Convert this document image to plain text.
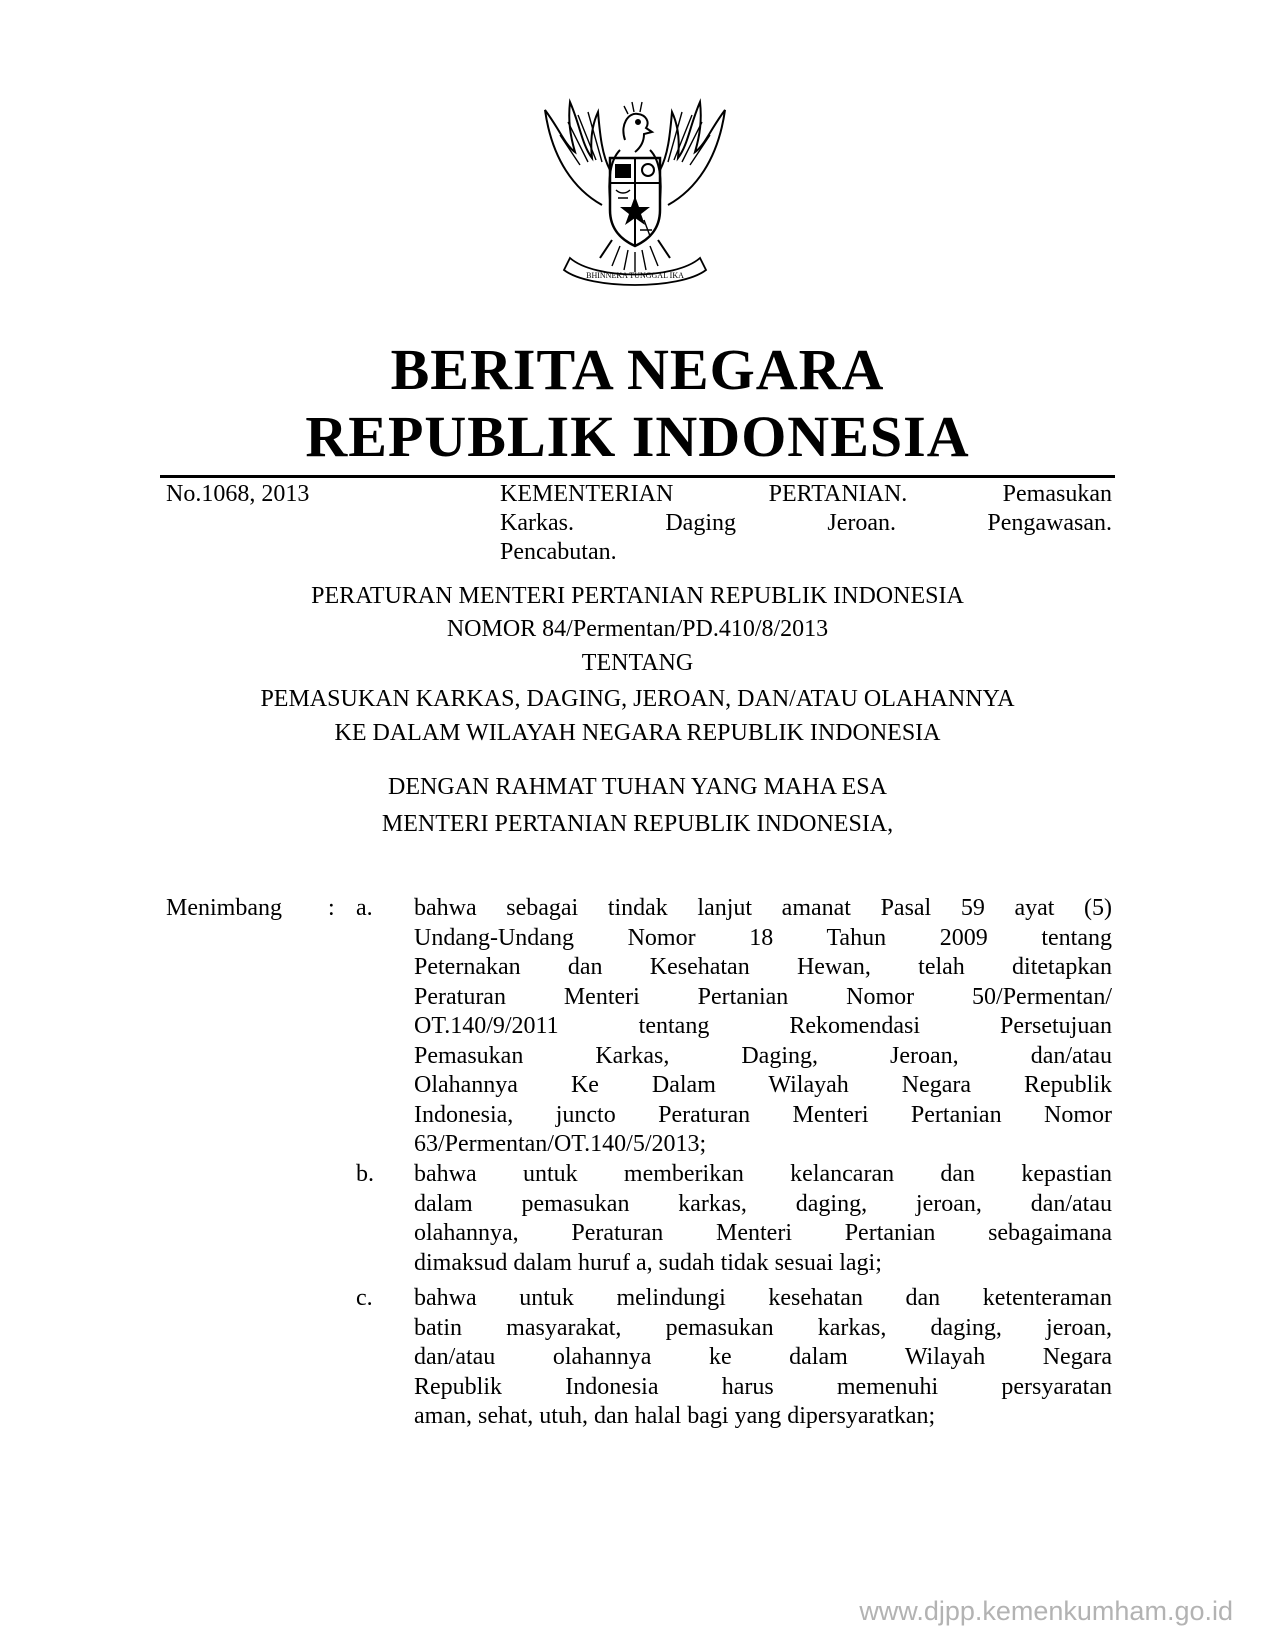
BHINNEKA TUNGGAL IKA
BERITA NEGARA
REPUBLIK INDONESIA
No.1068, 2013	KEMENTERIAN PERTANIAN. Pemasukan
Karkas. Daging Jeroan. Pengawasan.
Pencabutan.
PERATURAN MENTERI PERTANIAN REPUBLIK INDONESIA
NOMOR 84/Permentan/PD.410/8/2013
TENTANG
PEMASUKAN KARKAS, DAGING, JEROAN, DAN/ATAU OLAHANNYA
KE DALAM WILAYAH NEGARA REPUBLIK INDONESIA
DENGAN RAHMAT TUHAN YANG MAHA ESA
MENTERI PERTANIAN REPUBLIK INDONESIA,
Menimbang : a. bahwa sebagai tindak lanjut amanat Pasal 59 ayat (5)
Undang-Undang Nomor 18 Tahun 2009 tentang
Peternakan dan Kesehatan Hewan, telah ditetapkan
Peraturan Menteri Pertanian Nomor 50/Permentan/
OT.140/9/2011 tentang Rekomendasi Persetujuan
Pemasukan Karkas, Daging, Jeroan, dan/atau
Olahannya Ke Dalam Wilayah Negara Republik
Indonesia, juncto Peraturan Menteri Pertanian Nomor
63/Permentan/OT.140/5/2013;
b. bahwa untuk memberikan kelancaran dan kepastian
dalam pemasukan karkas, daging, jeroan, dan/atau
olahannya, Peraturan Menteri Pertanian sebagaimana
dimaksud dalam huruf a, sudah tidak sesuai lagi;
c. bahwa untuk melindungi kesehatan dan ketenteraman
batin masyarakat, pemasukan karkas, daging, jeroan,
dan/atau olahannya ke dalam Wilayah Negara
Republik Indonesia harus memenuhi persyaratan
aman, sehat, utuh, dan halal bagi yang dipersyaratkan;
www.djpp.kemenkumham.go.id
